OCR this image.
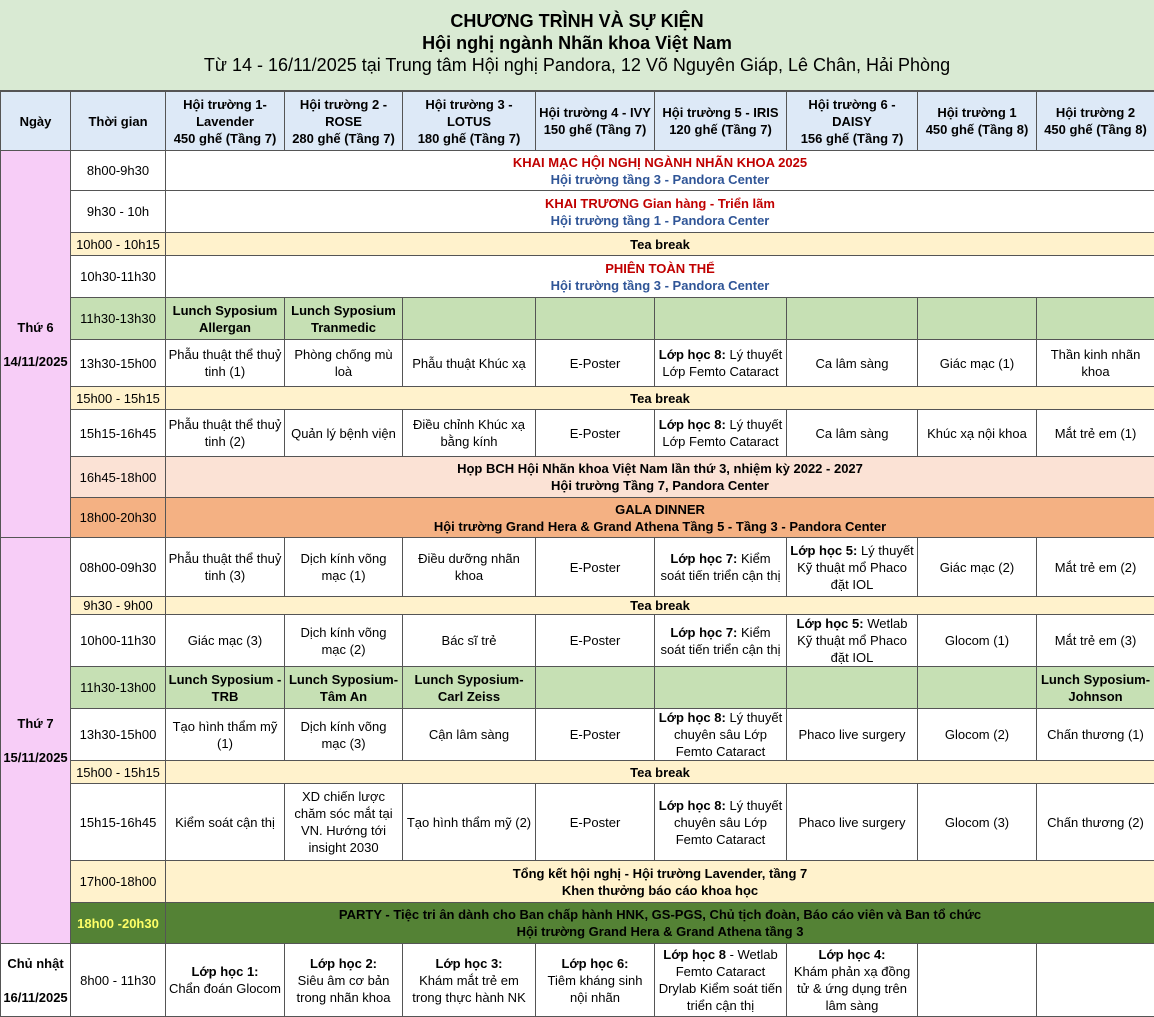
CHƯƠNG TRÌNH VÀ SỰ KIỆN
Hội nghị ngành Nhãn khoa Việt Nam
Từ 14 - 16/11/2025 tại Trung tâm Hội nghị Pandora, 12 Võ Nguyên Giáp, Lê Chân, Hải Phòng
Ngày	Thời gian	Hội trường 1-
Lavender
450 ghế (Tầng 7)	Hội trường 2 -
ROSE
280 ghế (Tầng 7)	Hội trường 3 -
LOTUS
180 ghế (Tầng 7)	Hội trường 4 - IVY
150 ghế (Tầng 7)	Hội trường 5 - IRIS
120 ghế (Tầng 7)	Hội trường 6 -
DAISY
156 ghế (Tầng 7)	Hội trường 1
450 ghế (Tầng 8)	Hội trường 2
450 ghế (Tầng 8)
Thứ 6

14/11/2025	8h00-9h30	KHAI MẠC HỘI NGHỊ NGÀNH NHÃN KHOA 2025
Hội trường tầng 3 - Pandora Center							
	9h30 - 10h	KHAI TRƯƠNG Gian hàng - Triển lãm
Hội trường tầng 1 - Pandora Center							
	10h00 - 10h15	Tea break							
	10h30-11h30	PHIÊN TOÀN THỂ
Hội trường tầng 3 - Pandora Center							
	11h30-13h30	Lunch Syposium Allergan	Lunch Syposium Tranmedic						
	13h30-15h00	Phẫu thuật thể thuỷ tinh (1)	Phòng chống mù loà	Phẫu thuật Khúc xạ	E-Poster	Lớp học 8: Lý thuyết Lớp Femto Cataract	Ca lâm sàng	Giác mạc (1)	Thần kinh nhãn khoa
	15h00 - 15h15	Tea break							
	15h15-16h45	Phẫu thuật thể thuỷ tinh (2)	Quản lý bệnh viện	Điều chỉnh Khúc xạ bằng kính	E-Poster	Lớp học 8: Lý thuyết Lớp Femto Cataract	Ca lâm sàng	Khúc xạ nội khoa	Mắt trẻ em (1)
	16h45-18h00	Họp BCH Hội Nhãn khoa Việt Nam lần thứ 3, nhiệm kỳ 2022 - 2027
Hội trường Tầng 7, Pandora Center							
	18h00-20h30	GALA DINNER
Hội trường Grand Hera & Grand Athena Tầng 5 - Tầng 3 - Pandora Center							
Thứ 7

15/11/2025	08h00-09h30	Phẫu thuật thể thuỷ tinh (3)	Dịch kính võng mạc (1)	Điều dưỡng nhãn khoa	E-Poster	Lớp học 7: Kiểm soát tiến triển cận thị	Lớp học 5: Lý thuyết Kỹ thuật mổ Phaco đặt IOL	Giác mạc (2)	Mắt trẻ em (2)
	9h30 - 9h00	Tea break							
	10h00-11h30	Giác mạc (3)	Dịch kính võng mạc (2)	Bác sĩ trẻ	E-Poster	Lớp học 7: Kiểm soát tiến triển cận thị	Lớp học 5: Wetlab Kỹ thuật mổ Phaco đặt IOL	Glocom (1)	Mắt trẻ em (3)
	11h30-13h00	Lunch Syposium - TRB	Lunch Syposium- Tâm An	Lunch Syposium- Carl Zeiss					Lunch Syposium- Johnson
	13h30-15h00	Tạo hình thẩm mỹ (1)	Dịch kính võng mạc (3)	Cận lâm sàng	E-Poster	Lớp học 8: Lý thuyết chuyên sâu Lớp Femto Cataract	Phaco live surgery	Glocom (2)	Chấn thương (1)
	15h00 - 15h15	Tea break							
	15h15-16h45	Kiểm soát cận thị	XD chiến lược chăm sóc mắt tại VN. Hướng tới insight 2030	Tạo hình thẩm mỹ (2)	E-Poster	Lớp học 8: Lý thuyết chuyên sâu Lớp Femto Cataract	Phaco live surgery	Glocom (3)	Chấn thương (2)
	17h00-18h00	Tổng kết hội nghị - Hội trường Lavender, tầng 7
Khen thưởng báo cáo khoa học							
	18h00 -20h30	PARTY - Tiệc tri ân dành cho Ban chấp hành HNK, GS-PGS, Chủ tịch đoàn, Báo cáo viên và Ban tổ chức
Hội trường Grand Hera & Grand Athena tầng 3							
Chủ nhật

16/11/2025	8h00 - 11h30	Lớp học 1:
Chẩn đoán Glocom	Lớp học 2:
Siêu âm cơ bản trong nhãn khoa	Lớp học 3:
Khám mắt trẻ em trong thực hành NK	Lớp học 6:
Tiêm kháng sinh nội nhãn	Lớp học 8 - Wetlab Femto Cataract Drylab Kiểm soát tiến triển cận thị	Lớp học 4:
Khám phản xạ đồng tử & ứng dụng trên lâm sàng		
